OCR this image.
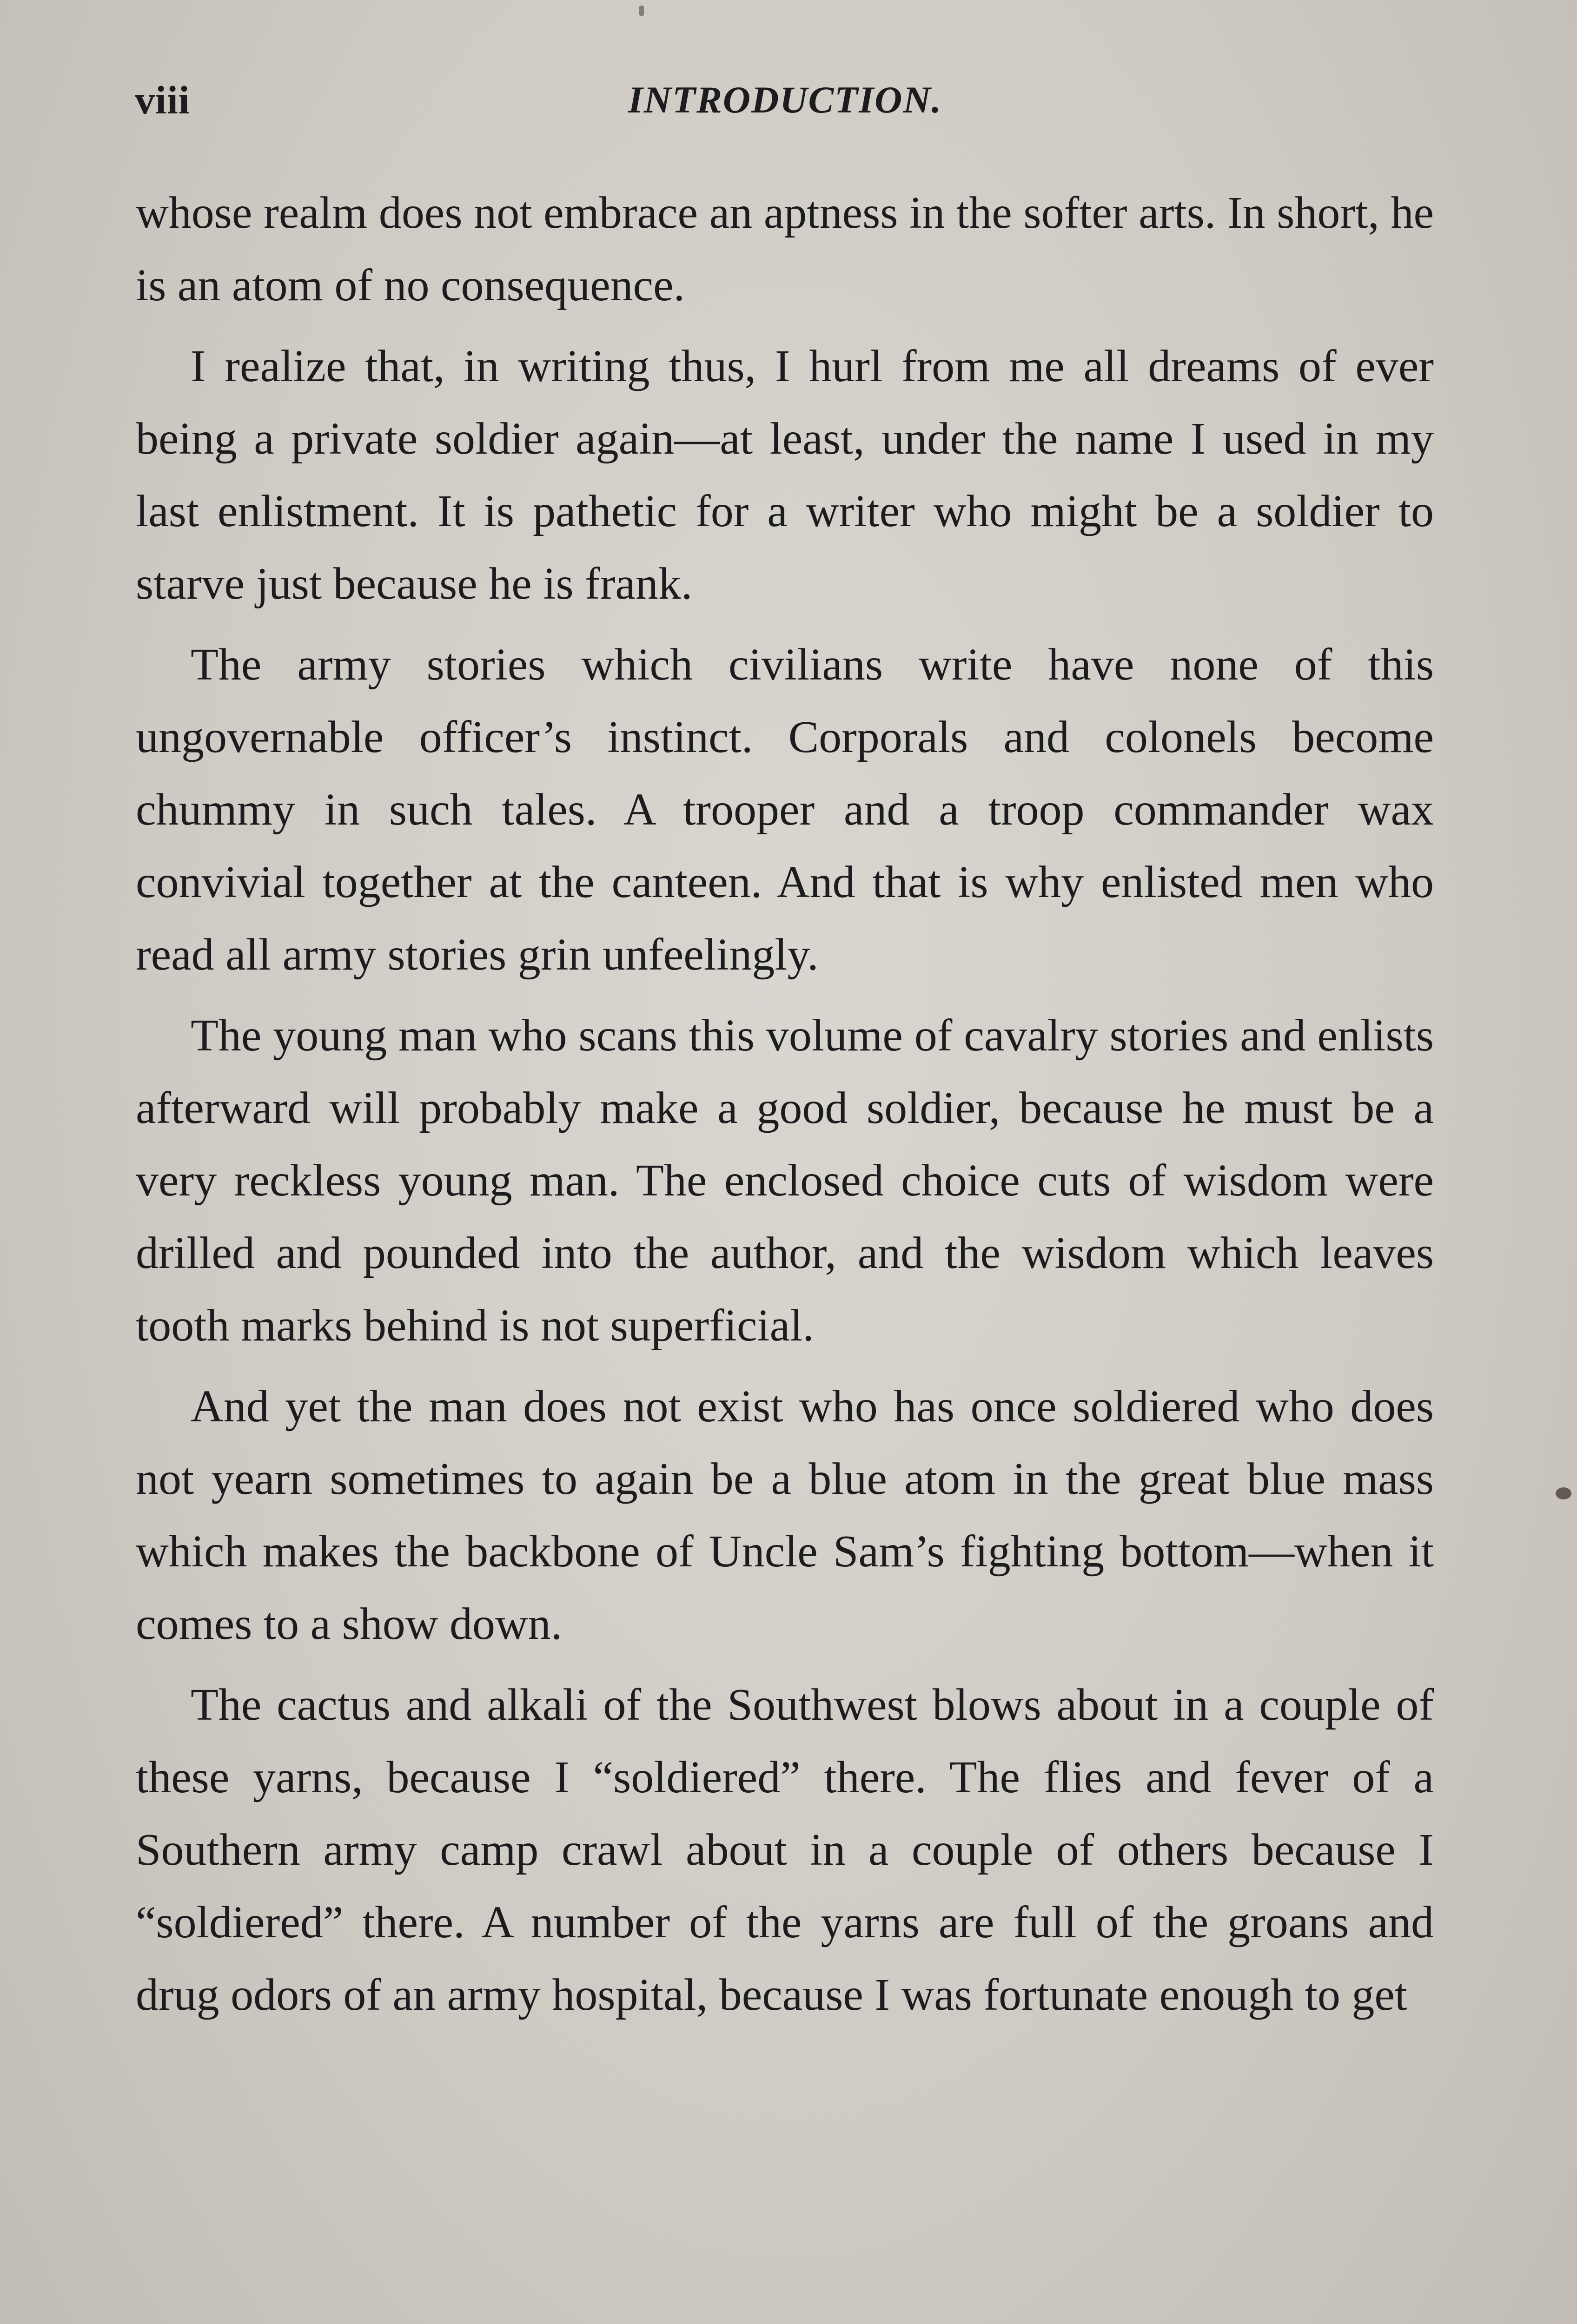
viii	INTRODUCTION.

whose realm does not embrace an aptness in the softer arts. In short, he is an atom of no consequence.

I realize that, in writing thus, I hurl from me all dreams of ever being a private soldier again—at least, under the name I used in my last enlistment. It is pathetic for a writer who might be a soldier to starve just because he is frank.

The army stories which civilians write have none of this ungovernable officer’s instinct. Corporals and colonels become chummy in such tales. A trooper and a troop commander wax convivial together at the canteen. And that is why enlisted men who read all army stories grin unfeelingly.

The young man who scans this volume of cavalry stories and enlists afterward will probably make a good soldier, because he must be a very reckless young man. The enclosed choice cuts of wisdom were drilled and pounded into the author, and the wisdom which leaves tooth marks behind is not superficial.

And yet the man does not exist who has once soldiered who does not yearn sometimes to again be a blue atom in the great blue mass which makes the backbone of Uncle Sam’s fighting bottom—when it comes to a show down.

The cactus and alkali of the Southwest blows about in a couple of these yarns, because I “soldiered” there. The flies and fever of a Southern army camp crawl about in a couple of others because I “soldiered” there. A number of the yarns are full of the groans and drug odors of an army hospital, because I was fortunate enough to get
